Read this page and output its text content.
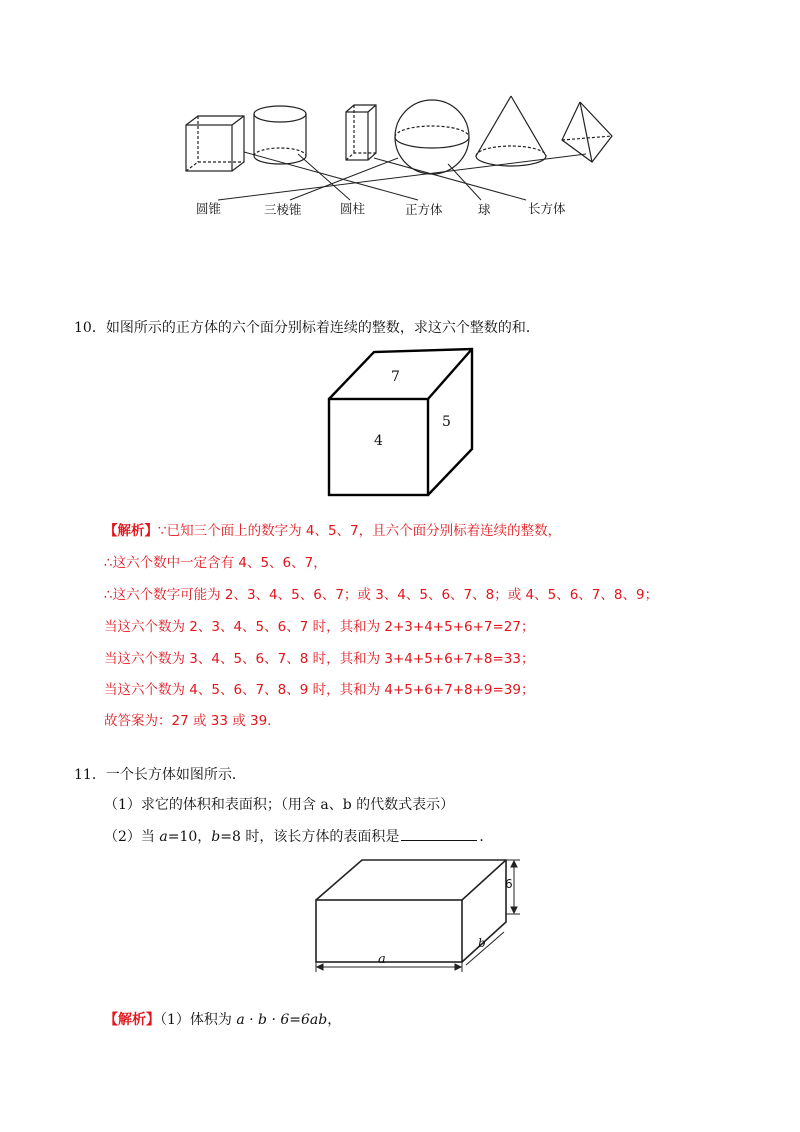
圆锥	三棱锥	圆柱	正方体	球	长方体
10．如图所示的正方体的六个面分别标着连续的整数，求这六个整数的和．
7
4
5
【解析】∵已知三个面上的数字为 4、5、7，且六个面分别标着连续的整数，
∴这六个数中一定含有 4、5、6、7，
∴这六个数字可能为 2、3、4、5、6、7；或 3、4、5、6、7、8；或 4、5、6、7、8、9；
当这六个数为 2、3、4、5、6、7 时，其和为 2+3+4+5+6+7=27；
当这六个数为 3、4、5、6、7、8 时，其和为 3+4+5+6+7+8=33；
当这六个数为 4、5、6、7、8、9 时，其和为 4+5+6+7+8+9=39；
故答案为：27 或 33 或 39．
11．一个长方体如图所示．
（1）求它的体积和表面积；（用含 a、b 的代数式表示）
（2）当 a=10，b=8 时，该长方体的表面积是	．
6
a
b
【解析】（1）体积为 a · b · 6=6ab，
